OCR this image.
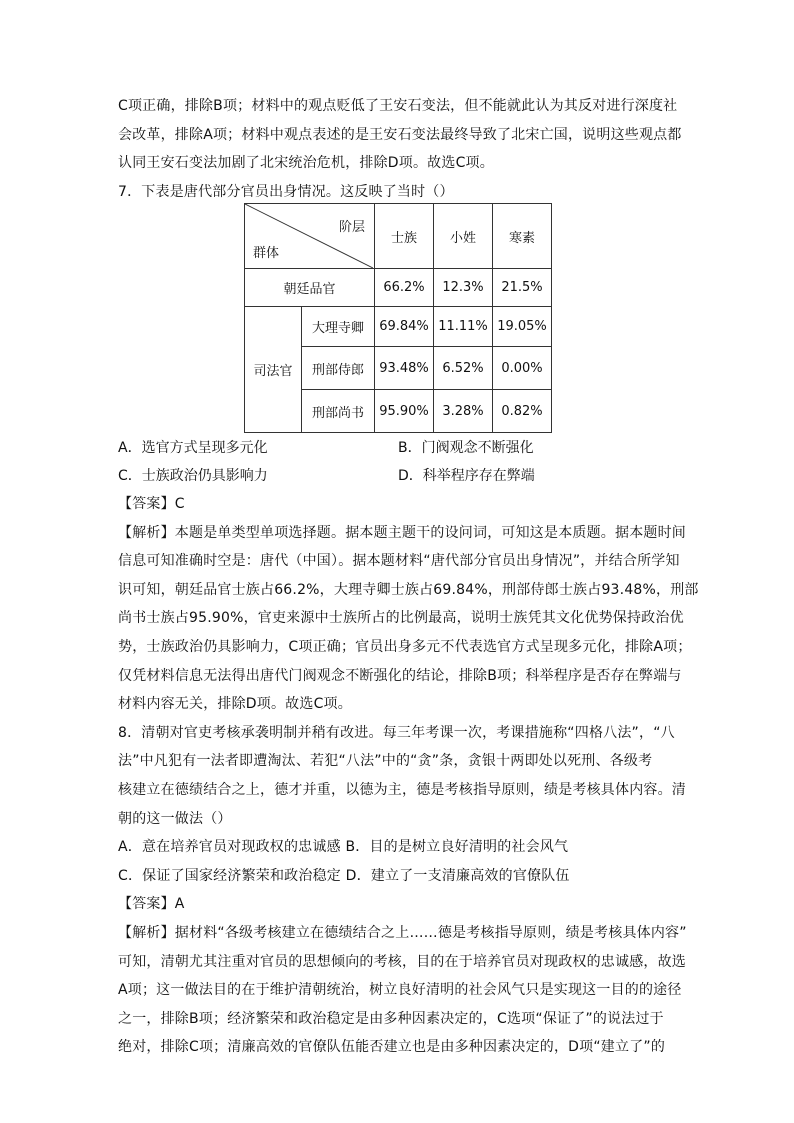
C项正确，排除B项；材料中的观点贬低了王安石变法，但不能就此认为其反对进行深度社

会改革，排除A项；材料中观点表述的是王安石变法最终导致了北宋亡国，说明这些观点都

认同王安石变法加剧了北宋统治危机，排除D项。故选C项。

7．下表是唐代部分官员出身情况。这反映了当时（）

阶层
群体		士族	小姓	寒素
朝廷品官		66.2%	12.3%	21.5%
司法官	大理寺卿	69.84%	11.11%	19.05%
	刑部侍郎	93.48%	6.52%	0.00%
	刑部尚书	95.90%	3.28%	0.82%
A．选官方式呈现多元化	B．门阀观念不断强化
C．士族政治仍具影响力	D．科举程序存在弊端

【答案】C

【解析】本题是单类型单项选择题。据本题主题干的设问词，可知这是本质题。据本题时间

信息可知准确时空是：唐代（中国）。据本题材料“唐代部分官员出身情况”，并结合所学知

识可知，朝廷品官士族占66.2%，大理寺卿士族占69.84%，刑部侍郎士族占93.48%，刑部

尚书士族占95.90%，官吏来源中士族所占的比例最高，说明士族凭其文化优势保持政治优

势，士族政治仍具影响力，C项正确；官员出身多元不代表选官方式呈现多元化，排除A项；

仅凭材料信息无法得出唐代门阀观念不断强化的结论，排除B项；科举程序是否存在弊端与

材料内容无关，排除D项。故选C项。

8．清朝对官吏考核承袭明制并稍有改进。每三年考课一次，考课措施称“四格八法”，“八

法”中凡犯有一法者即遭淘汰、若犯“八法”中的“贪”条，贪银十两即处以死刑、各级考

核建立在德绩结合之上，德才并重，以德为主，德是考核指导原则，绩是考核具体内容。清

朝的这一做法（）

A．意在培养官员对现政权的忠诚感 B．目的是树立良好清明的社会风气

C．保证了国家经济繁荣和政治稳定 D．建立了一支清廉高效的官僚队伍

【答案】A

【解析】据材料“各级考核建立在德绩结合之上……德是考核指导原则，绩是考核具体内容”

可知，清朝尤其注重对官员的思想倾向的考核，目的在于培养官员对现政权的忠诚感，故选

A项；这一做法目的在于维护清朝统治，树立良好清明的社会风气只是实现这一目的的途径

之一，排除B项；经济繁荣和政治稳定是由多种因素决定的，C选项“保证了”的说法过于

绝对，排除C项；清廉高效的官僚队伍能否建立也是由多种因素决定的，D项“建立了”的
